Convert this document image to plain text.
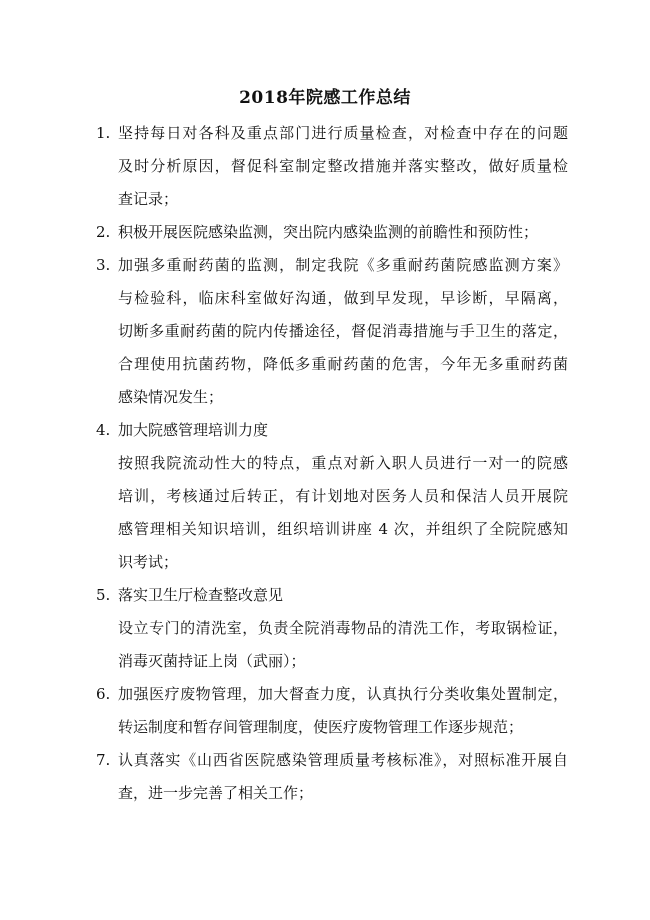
2018年院感工作总结
1. 坚持每日对各科及重点部门进行质量检查，对检查中存在的问题
及时分析原因，督促科室制定整改措施并落实整改，做好质量检
查记录；
2. 积极开展医院感染监测，突出院内感染监测的前瞻性和预防性；
3. 加强多重耐药菌的监测，制定我院《多重耐药菌院感监测方案》
与检验科，临床科室做好沟通，做到早发现，早诊断，早隔离，
切断多重耐药菌的院内传播途径，督促消毒措施与手卫生的落定，
合理使用抗菌药物，降低多重耐药菌的危害，今年无多重耐药菌
感染情况发生；
4. 加大院感管理培训力度
按照我院流动性大的特点，重点对新入职人员进行一对一的院感
培训，考核通过后转正，有计划地对医务人员和保洁人员开展院
感管理相关知识培训，组织培训讲座 4 次，并组织了全院院感知
识考试；
5. 落实卫生厅检查整改意见
设立专门的清洗室，负责全院消毒物品的清洗工作，考取锅检证，
消毒灭菌持证上岗（武丽）；
6. 加强医疗废物管理，加大督查力度，认真执行分类收集处置制定，
转运制度和暂存间管理制度，使医疗废物管理工作逐步规范；
7. 认真落实《山西省医院感染管理质量考核标准》，对照标准开展自
查，进一步完善了相关工作；
